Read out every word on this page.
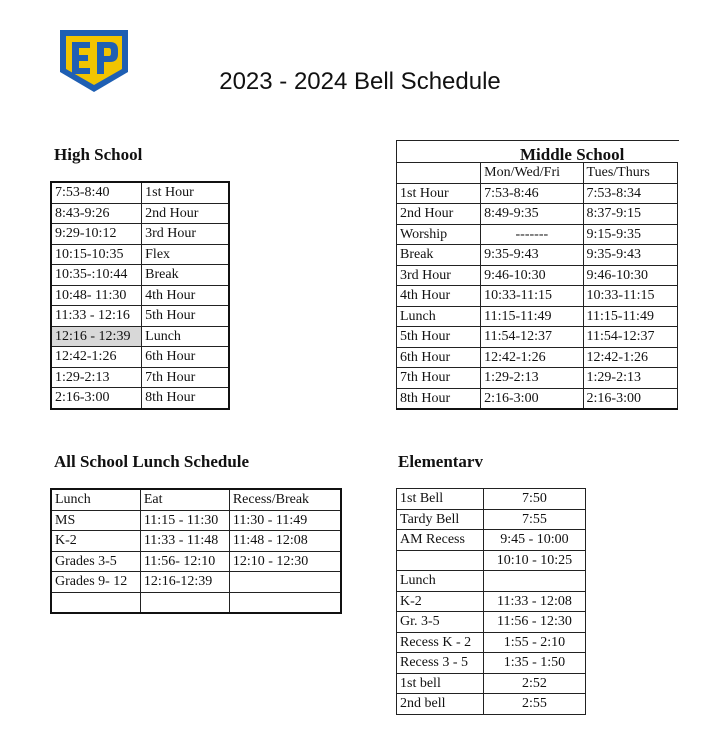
2023 - 2024 Bell Schedule
High School
7:53-8:40	1st Hour
8:43-9:26	2nd Hour
9:29-10:12	3rd Hour
10:15-10:35	Flex
10:35-:10:44	Break
10:48- 11:30	4th Hour
11:33 - 12:16	5th Hour
12:16 - 12:39	Lunch
12:42-1:26	6th Hour
1:29-2:13	7th Hour
2:16-3:00	8th Hour
Middle School
	Mon/Wed/Fri	Tues/Thurs
1st Hour	7:53-8:46	7:53-8:34
2nd Hour	8:49-9:35	8:37-9:15
Worship	-------	9:15-9:35
Break	9:35-9:43	9:35-9:43
3rd Hour	9:46-10:30	9:46-10:30
4th Hour	10:33-11:15	10:33-11:15
Lunch	11:15-11:49	11:15-11:49
5th Hour	11:54-12:37	11:54-12:37
6th Hour	12:42-1:26	12:42-1:26
7th Hour	1:29-2:13	1:29-2:13
8th Hour	2:16-3:00	2:16-3:00
All School Lunch Schedule
Lunch	Eat	Recess/Break
MS	11:15 - 11:30	11:30 - 11:49
K-2	11:33 - 11:48	11:48 - 12:08
Grades 3-5	11:56- 12:10	12:10 - 12:30
Grades 9- 12	12:16-12:39	

Elementarv
1st Bell	7:50
Tardy Bell	7:55
AM Recess	9:45 - 10:00
	10:10 - 10:25
Lunch	
K-2	11:33 - 12:08
Gr. 3-5	11:56 - 12:30
Recess K - 2	1:55 - 2:10
Recess 3 - 5	1:35 - 1:50
1st bell	2:52
2nd bell	2:55
